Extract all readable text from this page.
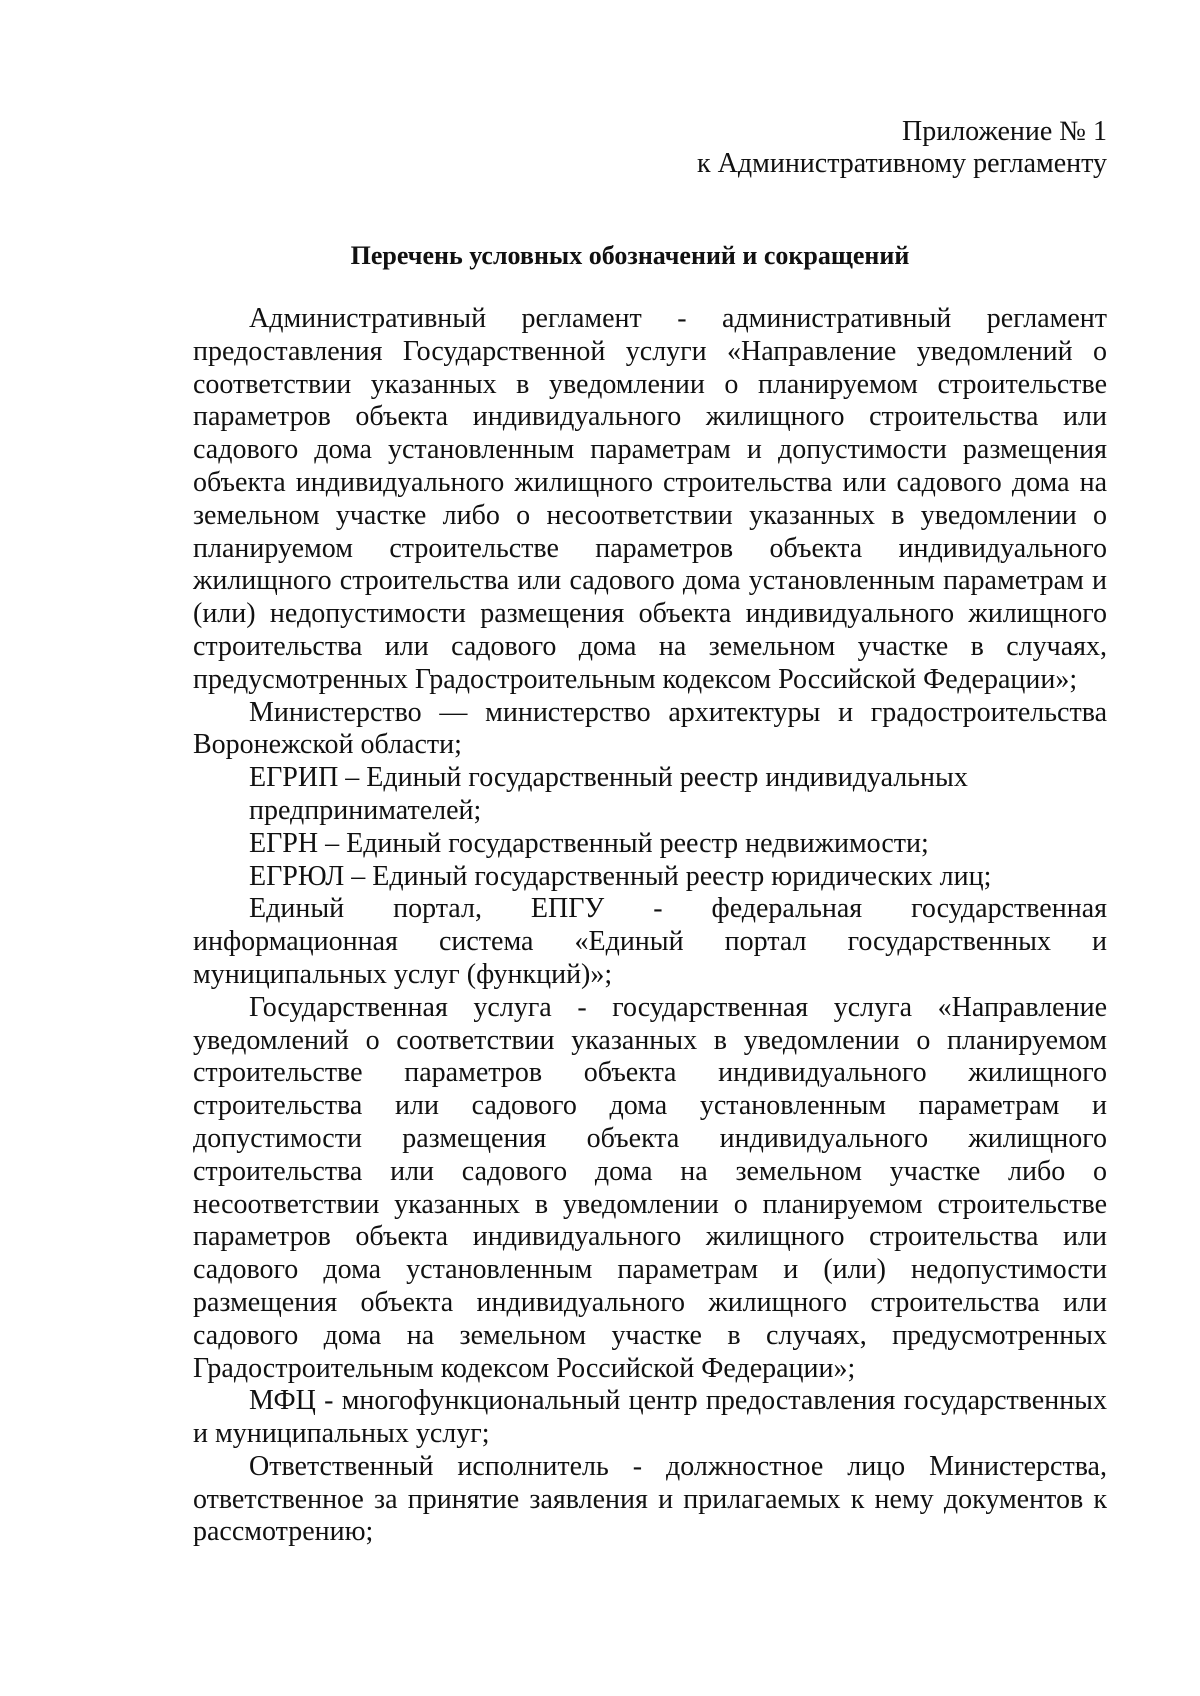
Приложение № 1
к Административному регламенту
Перечень условных обозначений и сокращений

Административный регламент - административный регламент предоставления Государственной услуги «Направление уведомлений о соответствии указанных в уведомлении о планируемом строительстве параметров объекта индивидуального жилищного строительства или садового дома установленным параметрам и допустимости размещения объекта индивидуального жилищного строительства или садового дома на земельном участке либо о несоответствии указанных в уведомлении о планируемом строительстве параметров объекта индивидуального жилищного строительства или садового дома установленным параметрам и (или) недопустимости размещения объекта индивидуального жилищного строительства или садового дома на земельном участке в случаях, предусмотренных Градостроительным кодексом Российской Федерации»;

Министерство — министерство архитектуры и градостроительства Воронежской области;

ЕГРИП – Единый государственный реестр индивидуальных предпринимателей;

ЕГРН – Единый государственный реестр недвижимости;

ЕГРЮЛ – Единый государственный реестр юридических лиц;

Единый портал, ЕПГУ - федеральная государственная информационная система «Единый портал государственных и муниципальных услуг (функций)»;

Государственная услуга - государственная услуга «Направление уведомлений о соответствии указанных в уведомлении о планируемом строительстве параметров объекта индивидуального жилищного строительства или садового дома установленным параметрам и допустимости размещения объекта индивидуального жилищного строительства или садового дома на земельном участке либо о несоответствии указанных в уведомлении о планируемом строительстве параметров объекта индивидуального жилищного строительства или садового дома установленным параметрам и (или) недопустимости размещения объекта индивидуального жилищного строительства или садового дома на земельном участке в случаях, предусмотренных Градостроительным кодексом Российской Федерации»;

МФЦ - многофункциональный центр предоставления государственных и муниципальных услуг;

Ответственный исполнитель - должностное лицо Министерства, ответственное за принятие заявления и прилагаемых к нему документов к рассмотрению;
